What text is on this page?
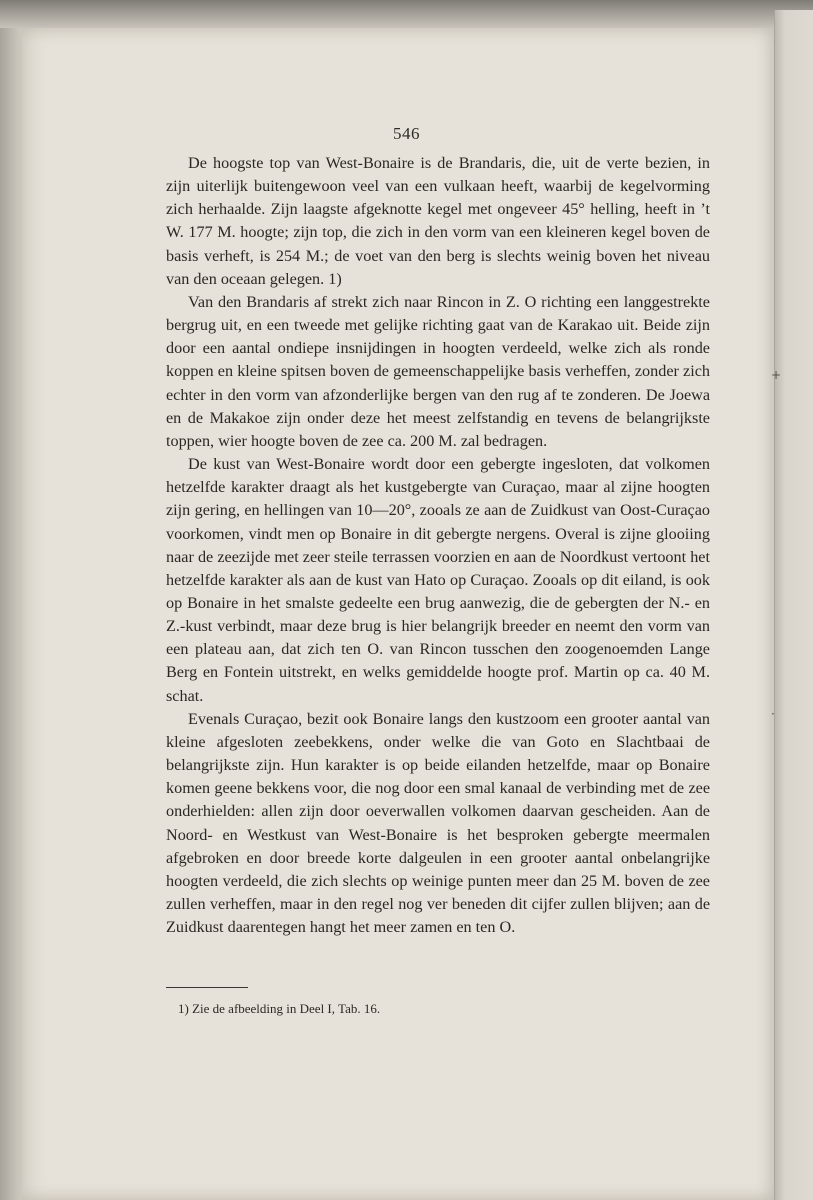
546

De hoogste top van West-Bonaire is de Brandaris, die, uit de verte bezien, in zijn uiterlijk buitengewoon veel van een vulkaan heeft, waarbij de kegelvorming zich herhaalde. Zijn laagste afgeknotte kegel met ongeveer 45° helling, heeft in ’t W. 177 M. hoogte; zijn top, die zich in den vorm van een kleineren kegel boven de basis verheft, is 254 M.; de voet van den berg is slechts weinig boven het niveau van den oceaan gelegen. 1)

Van den Brandaris af strekt zich naar Rincon in Z. O richting een langgestrekte bergrug uit, en een tweede met gelijke richting gaat van de Karakao uit. Beide zijn door een aantal ondiepe insnijdingen in hoogten verdeeld, welke zich als ronde koppen en kleine spitsen boven de gemeenschappelijke basis verheffen, zonder zich echter in den vorm van afzonderlijke bergen van den rug af te zonderen. De Joewa en de Makakoe zijn onder deze het meest zelfstandig en tevens de belangrijkste toppen, wier hoogte boven de zee ca. 200 M. zal bedragen.

De kust van West-Bonaire wordt door een gebergte ingesloten, dat volkomen hetzelfde karakter draagt als het kustgebergte van Curaçao, maar al zijne hoogten zijn gering, en hellingen van 10—20°, zooals ze aan de Zuidkust van Oost-Curaçao voorkomen, vindt men op Bonaire in dit gebergte nergens. Overal is zijne glooiing naar de zeezijde met zeer steile terrassen voorzien en aan de Noordkust vertoont het hetzelfde karakter als aan de kust van Hato op Curaçao. Zooals op dit eiland, is ook op Bonaire in het smalste gedeelte een brug aanwezig, die de gebergten der N.- en Z.-kust verbindt, maar deze brug is hier belangrijk breeder en neemt den vorm van een plateau aan, dat zich ten O. van Rincon tusschen den zoogenoemden Lange Berg en Fontein uitstrekt, en welks gemiddelde hoogte prof. Martin op ca. 40 M. schat.

Evenals Curaçao, bezit ook Bonaire langs den kustzoom een grooter aantal van kleine afgesloten zeebekkens, onder welke die van Goto en Slachtbaai de belangrijkste zijn. Hun karakter is op beide eilanden hetzelfde, maar op Bonaire komen geene bekkens voor, die nog door een smal kanaal de verbinding met de zee onderhielden: allen zijn door oeverwallen volkomen daarvan gescheiden. Aan de Noord- en Westkust van West-Bonaire is het besproken gebergte meermalen afgebroken en door breede korte dalgeulen in een grooter aantal onbelangrijke hoogten verdeeld, die zich slechts op weinige punten meer dan 25 M. boven de zee zullen verheffen, maar in den regel nog ver beneden dit cijfer zullen blijven; aan de Zuidkust daarentegen hangt het meer zamen en ten O.

1) Zie de afbeelding in Deel I, Tab. 16.
+
·
